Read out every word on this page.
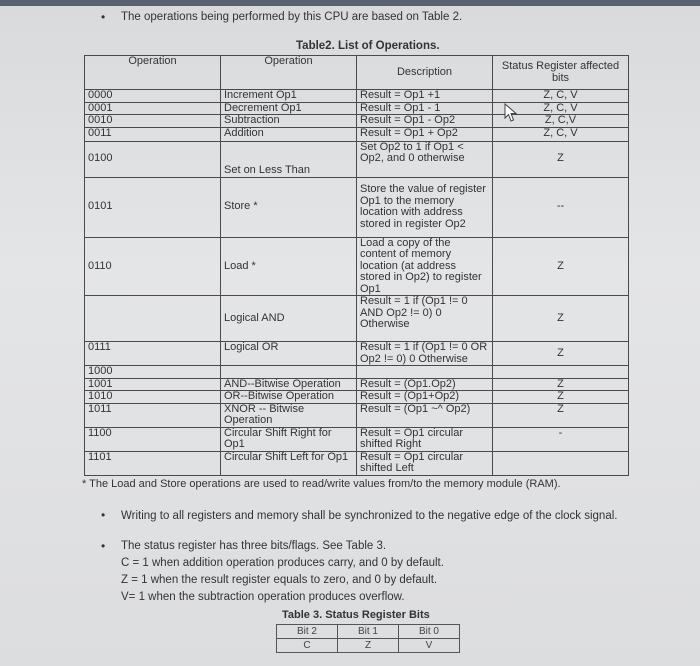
• The operations being performed by this CPU are based on Table 2.
Table2. List of Operations.
Operation	Operation	Description	Status Register affected bits
0000	Increment Op1	Result = Op1 +1	Z, C, V
0001	Decrement Op1	Result = Op1 - 1	Z, C, V
0010	Subtraction	Result = Op1 - Op2	Z, C,V
0011	Addition	Result = Op1 + Op2	Z, C, V
0100	Set on Less Than	Set Op2 to 1 if Op1 < Op2, and 0 otherwise	Z
0101	Store *	Store the value of register Op1 to the memory location with address stored in register Op2	--
0110	Load *	Load a copy of the content of memory location (at address stored in Op2) to register Op1	Z
	Logical AND	Result = 1 if (Op1 != 0 AND Op2 != 0) 0 Otherwise	Z
0111	Logical OR	Result = 1 if (Op1 != 0 OR Op2 != 0) 0 Otherwise	Z
1000			
1001	AND--Bitwise Operation	Result = (Op1.Op2)	Z
1010	OR--Bitwise Operation	Result = (Op1+Op2)	Z
1011	XNOR -- Bitwise Operation	Result = (Op1 ~^ Op2)	Z
1100	Circular Shift Right for Op1	Result = Op1 circular shifted Right	-
1101	Circular Shift Left for Op1	Result = Op1 circular shifted Left	
* The Load and Store operations are used to read/write values from/to the memory module (RAM).
• Writing to all registers and memory shall be synchronized to the negative edge of the clock signal.
• The status register has three bits/flags. See Table 3.
C = 1 when addition operation produces carry, and 0 by default.
Z = 1 when the result register equals to zero, and 0 by default.
V= 1 when the subtraction operation produces overflow.
Table 3. Status Register Bits
Bit 2	Bit 1	Bit 0
C	Z	V
